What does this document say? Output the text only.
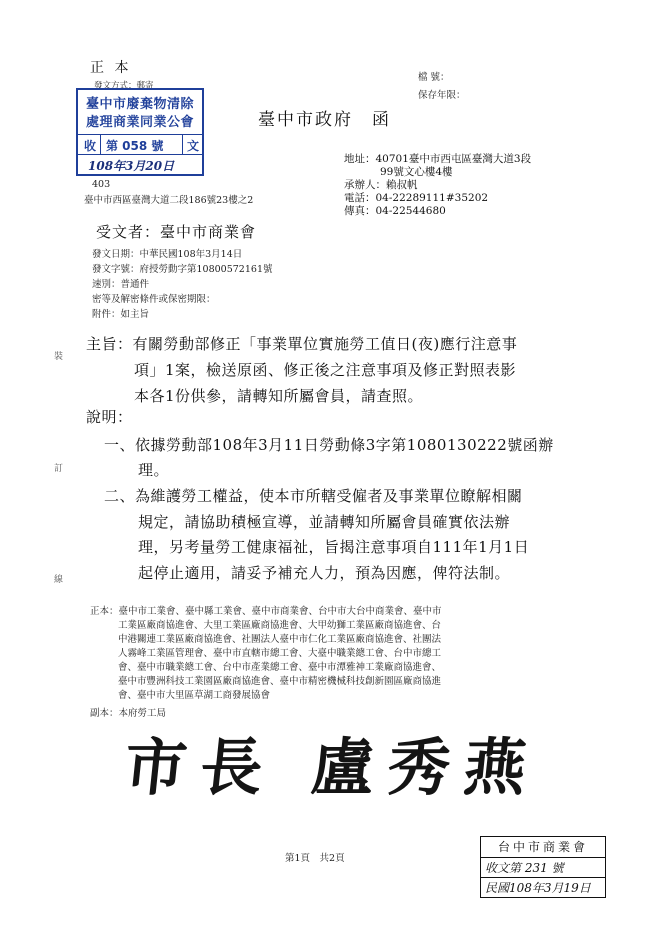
正 本
發文方式：郵寄
檔 號：
保存年限：
臺中市政府　函
臺中市廢棄物清除
處理商業同業公會
收 第 058 號 文
108年3月20日
403
臺中市西區臺灣大道二段186號23樓之2
地址：40701臺中市西屯區臺灣大道3段
99號文心樓4樓
承辦人：賴叔帆
電話：04-22289111#35202
傳真：04-22544680
受文者：臺中市商業會
發文日期：中華民國108年3月14日
發文字號：府授勞動字第10800572161號
速別：普通件
密等及解密條件或保密期限：
附件：如主旨
裝
訂
線
主旨：有關勞動部修正「事業單位實施勞工值日(夜)應行注意事
項」1案，檢送原函、修正後之注意事項及修正對照表影
本各1份供參，請轉知所屬會員，請查照。
說明：
一、依據勞動部108年3月11日勞動條3字第1080130222號函辦
理。
二、為維護勞工權益，使本市所轄受僱者及事業單位瞭解相關
規定，請協助積極宣導，並請轉知所屬會員確實依法辦
理，另考量勞工健康福祉，旨揭注意事項自111年1月1日
起停止適用，請妥予補充人力，預為因應，俾符法制。
正本：臺中市工業會、臺中縣工業會、臺中市商業會、台中市大台中商業會、臺中市
工業區廠商協進會、大里工業區廠商協進會、大甲幼獅工業區廠商協進會、台
中港關連工業區廠商協進會、社團法人臺中市仁化工業區廠商協進會、社團法
人霧峰工業區管理會、臺中市直轄市總工會、大臺中職業總工會、台中市總工
會、臺中市職業總工會、台中市產業總工會、臺中市潭雅神工業廠商協進會、
臺中市豐洲科技工業園區廠商協進會、臺中市精密機械科技創新園區廠商協進
會、臺中市大里區草湖工商發展協會
副本：本府勞工局
市長 盧秀燕
第1頁　共2頁
台中市商業會
收文第 231 號
民國108年3月19日
